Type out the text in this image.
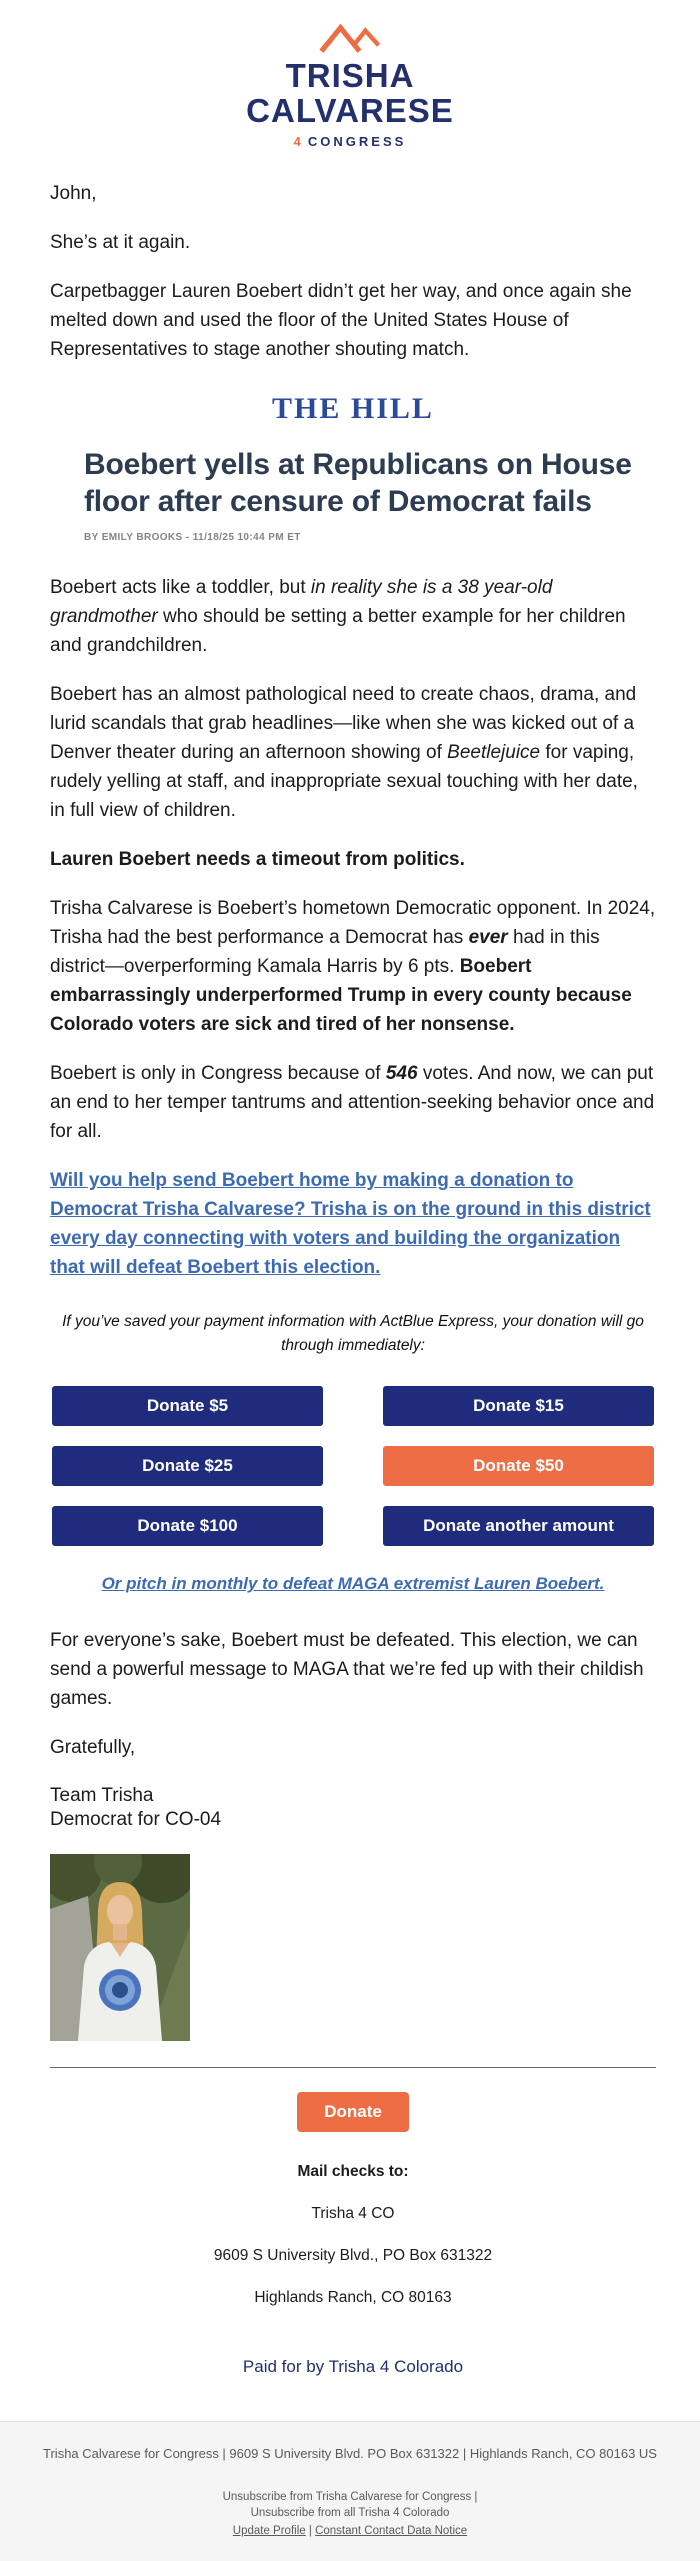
TRISHA
CALVARESE
4 CONGRESS

John,

She’s at it again.

Carpetbagger Lauren Boebert didn’t get her way, and once again she melted down and used the floor of the United States House of Representatives to stage another shouting match.

THE HILL
Boebert yells at Republicans on House floor after censure of Democrat fails
BY EMILY BROOKS - 11/18/25 10:44 PM ET

Boebert acts like a toddler, but in reality she is a 38 year-old grandmother who should be setting a better example for her children and grandchildren.

Boebert has an almost pathological need to create chaos, drama, and lurid scandals that grab headlines—like when she was kicked out of a Denver theater during an afternoon showing of Beetlejuice for vaping, rudely yelling at staff, and inappropriate sexual touching with her date, in full view of children.

Lauren Boebert needs a timeout from politics.

Trisha Calvarese is Boebert’s hometown Democratic opponent. In 2024, Trisha had the best performance a Democrat has ever had in this district—overperforming Kamala Harris by 6 pts. Boebert embarrassingly underperformed Trump in every county because Colorado voters are sick and tired of her nonsense.

Boebert is only in Congress because of 546 votes. And now, we can put an end to her temper tantrums and attention-seeking behavior once and for all.

Will you help send Boebert home by making a donation to Democrat Trisha Calvarese? Trisha is on the ground in this district every day connecting with voters and building the organization that will defeat Boebert this election.

If you’ve saved your payment information with ActBlue Express, your donation will go through immediately:

Donate $5	Donate $15
Donate $25	Donate $50
Donate $100	Donate another amount
Or pitch in monthly to defeat MAGA extremist Lauren Boebert.

For everyone’s sake, Boebert must be defeated. This election, we can send a powerful message to MAGA that we’re fed up with their childish games.

Gratefully,

Team Trisha

Democrat for CO-04

Donate

Mail checks to:

Trisha 4 CO

9609 S University Blvd., PO Box 631322

Highlands Ranch, CO 80163

Paid for by Trisha 4 Colorado

Trisha Calvarese for Congress | 9609 S University Blvd. PO Box 631322 | Highlands Ranch, CO 80163 US

Unsubscribe from Trisha Calvarese for Congress |
Unsubscribe from all Trisha 4 Colorado
Update Profile | Constant Contact Data Notice
